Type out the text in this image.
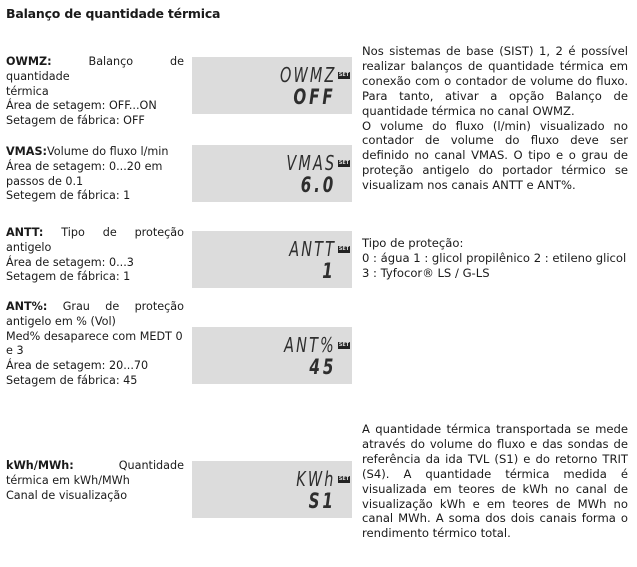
Balanço de quantidade térmica
OWMZ:	Balanço de quantidade
térmica
Área de setagem: OFF...ON
Setagem de fábrica: OFF
OWMZ SET
OFF
VMAS:Volume do fluxo l/min
Área de setagem: 0...20 em passos de 0.1
Setegem de fábrica: 1
VMAS SET
6.0
ANTT: Tipo de proteção
antigelo
Área de setagem: 0...3
Setagem de fábrica: 1
ANTT SET
1
ANT%: Grau de proteção
antigelo em % (Vol)
Med% desaparece com MEDT 0 e 3
Área de setagem: 20...70
Setagem de fábrica: 45
ANT% SET
45
kWh/MWh:	Quantidade
térmica em kWh/MWh
Canal de visualização
KWh SET
S1

Nos sistemas de base (SIST) 1, 2 é possível realizar balanços de quantidade térmica em conexão com o contador de volume do fluxo. Para tanto, ativar a opção Balanço de quantidade térmica no canal OWMZ.

O volume do fluxo (l/min) visualizado no contador de volume do fluxo deve ser definido no canal VMAS. O tipo e o grau de proteção antigelo do portador térmico se visualizam nos canais ANTT e ANT%.

Tipo de proteção:

0 : água 1 : glicol propilênico 2 : etileno glicol

3 : Tyfocor® LS / G-LS

A quantidade térmica transportada se mede através do volume do fluxo e das sondas de referência da ida TVL (S1) e do retorno TRIT (S4). A quantidade térmica medida é visualizada em teores de kWh no canal de visualização kWh e em teores de MWh no canal MWh. A soma dos dois canais forma o rendimento térmico total.
